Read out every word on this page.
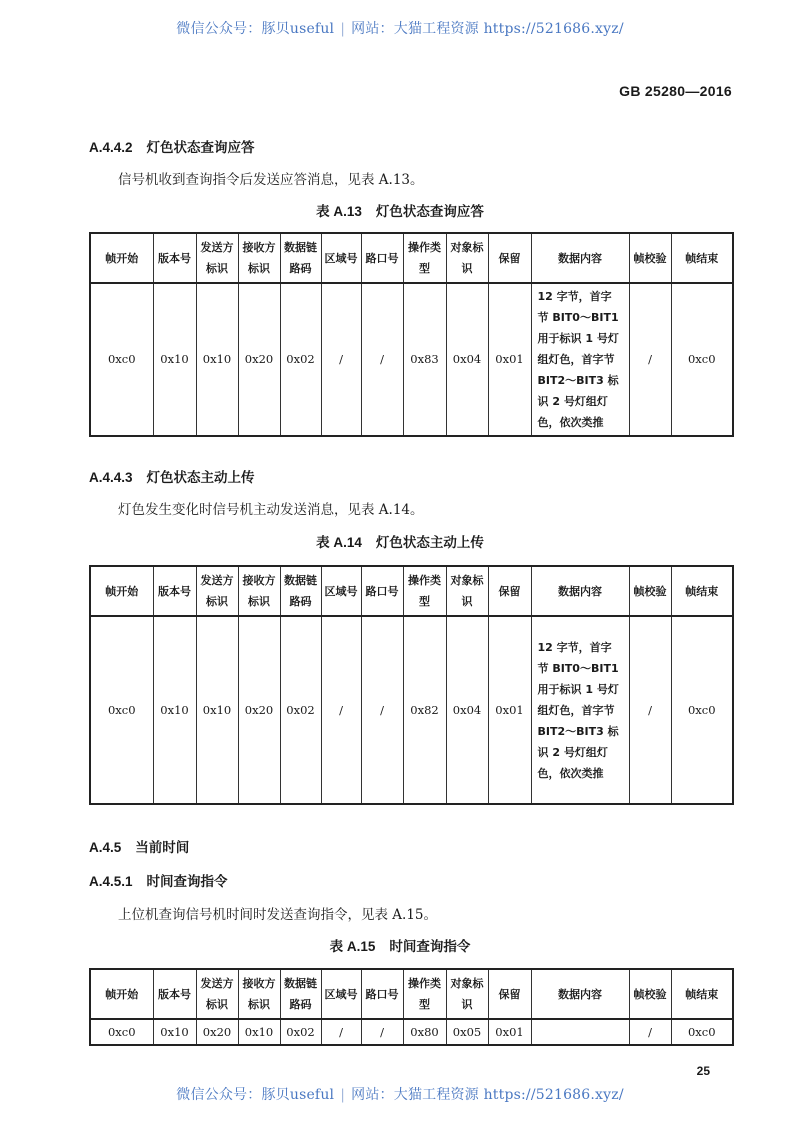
微信公众号：豚贝useful | 网站：大猫工程资源 https://521686.xyz/
GB 25280—2016
A.4.4.2 灯色状态查询应答
信号机收到查询指令后发送应答消息，见表 A.13。
表 A.13 灯色状态查询应答
帧开始	版本号	发送方标识	接收方标识	数据链路码	区域号	路口号	操作类型	对象标识	保留	数据内容	帧校验	帧结束
0xc0	0x10	0x10	0x20	0x02	/	/	0x83	0x04	0x01	12 字节，首字节 BIT0～BIT1 用于标识 1 号灯组灯色，首字节 BIT2～BIT3 标识 2 号灯组灯色，依次类推	/	0xc0
A.4.4.3 灯色状态主动上传
灯色发生变化时信号机主动发送消息，见表 A.14。
表 A.14 灯色状态主动上传
帧开始	版本号	发送方标识	接收方标识	数据链路码	区域号	路口号	操作类型	对象标识	保留	数据内容	帧校验	帧结束
0xc0	0x10	0x10	0x20	0x02	/	/	0x82	0x04	0x01	12 字节，首字节 BIT0～BIT1 用于标识 1 号灯组灯色，首字节 BIT2～BIT3 标识 2 号灯组灯色，依次类推	/	0xc0
A.4.5 当前时间
A.4.5.1 时间查询指令
上位机查询信号机时间时发送查询指令，见表 A.15。
表 A.15 时间查询指令
帧开始	版本号	发送方标识	接收方标识	数据链路码	区域号	路口号	操作类型	对象标识	保留	数据内容	帧校验	帧结束
0xc0	0x10	0x20	0x10	0x02	/	/	0x80	0x05	0x01		/	0xc0
25
微信公众号：豚贝useful | 网站：大猫工程资源 https://521686.xyz/
